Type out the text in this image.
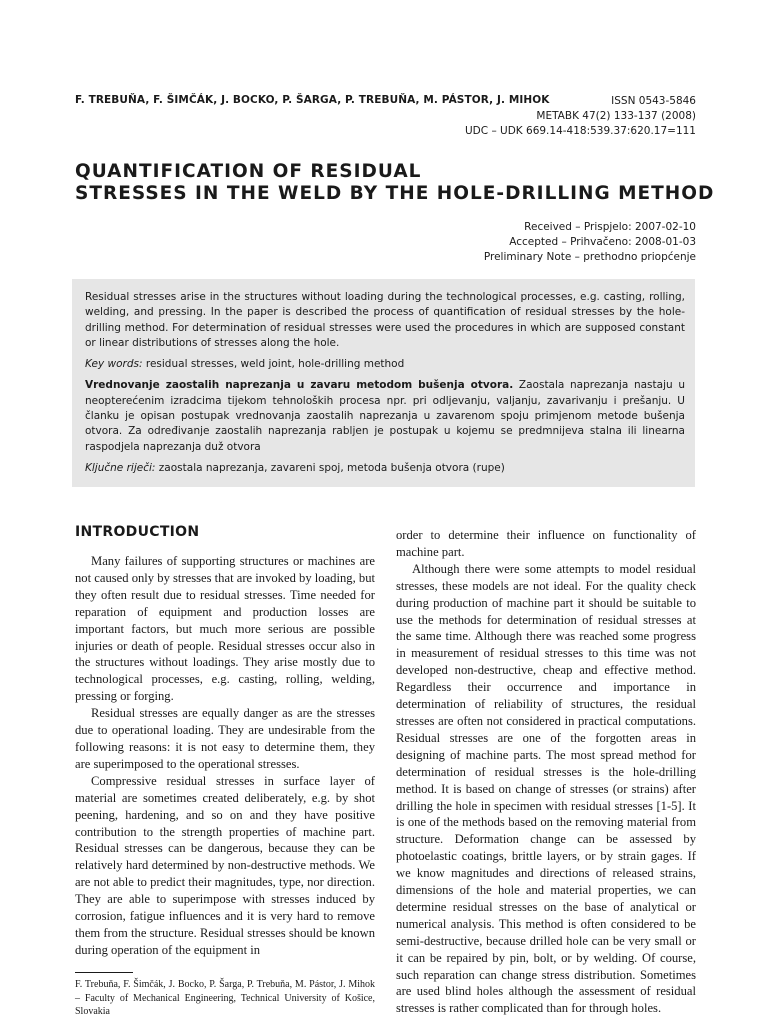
F. TREBUŇA, F. ŠIMČÁK, J. BOCKO, P. ŠARGA, P. TREBUŇA, M. PÁSTOR, J. MIHOK	ISSN 0543-5846
METABK 47(2) 133-137 (2008)
UDC – UDK 669.14-418:539.37:620.17=111
QUANTIFICATION OF RESIDUAL
STRESSES IN THE WELD BY THE HOLE-DRILLING METHOD
Received – Prispjelo: 2007-02-10
Accepted – Prihvačeno: 2008-01-03
Preliminary Note – prethodno priopćenje

Residual stresses arise in the structures without loading during the technological processes, e.g. casting, rolling, welding, and pressing. In the paper is described the process of quantification of residual stresses by the hole-drilling method. For determination of residual stresses were used the procedures in which are supposed constant or linear distributions of stresses along the hole.

Key words: residual stresses, weld joint, hole-drilling method

Vrednovanje zaostalih naprezanja u zavaru metodom bušenja otvora. Zaostala naprezanja nastaju u neopterećenim izradcima tijekom tehnoloških procesa npr. pri odljevanju, valjanju, zavarivanju i prešanju. U članku je opisan postupak vrednovanja zaostalih naprezanja u zavarenom spoju primjenom metode bušenja otvora. Za određivanje zaostalih naprezanja rabljen je postupak u kojemu se predmnijeva stalna ili linearna raspodjela naprezanja duž otvora

Ključne riječi: zaostala naprezanja, zavareni spoj, metoda bušenja otvora (rupe)

INTRODUCTION

Many failures of supporting structures or machines are not caused only by stresses that are invoked by loading, but they often result due to residual stresses. Time needed for reparation of equipment and production losses are important factors, but much more serious are possible injuries or death of people. Residual stresses occur also in the structures without loadings. They arise mostly due to technological processes, e.g. casting, rolling, welding, pressing or forging.

Residual stresses are equally danger as are the stresses due to operational loading. They are undesirable from the following reasons: it is not easy to determine them, they are superimposed to the operational stresses.

Compressive residual stresses in surface layer of material are sometimes created deliberately, e.g. by shot peening, hardening, and so on and they have positive contribution to the strength properties of machine part. Residual stresses can be dangerous, because they can be relatively hard determined by non-destructive methods. We are not able to predict their magnitudes, type, nor direction. They are able to superimpose with stresses induced by corrosion, fatigue influences and it is very hard to remove them from the structure. Residual stresses should be known during operation of the equipment in

order to determine their influence on functionality of machine part.

Although there were some attempts to model residual stresses, these models are not ideal. For the quality check during production of machine part it should be suitable to use the methods for determination of residual stresses at the same time. Although there was reached some progress in measurement of residual stresses to this time was not developed non-destructive, cheap and effective method. Regardless their occurrence and importance in determination of reliability of structures, the residual stresses are often not considered in practical computations. Residual stresses are one of the forgotten areas in designing of machine parts. The most spread method for determination of residual stresses is the hole-drilling method. It is based on change of stresses (or strains) after drilling the hole in specimen with residual stresses [1-5]. It is one of the methods based on the removing material from structure. Deformation change can be assessed by photoelastic coatings, brittle layers, or by strain gages. If we know magnitudes and directions of released strains, dimensions of the hole and material properties, we can determine residual stresses on the base of analytical or numerical analysis. This method is often considered to be semi-destructive, because drilled hole can be very small or it can be repaired by pin, bolt, or by welding. Of course, such reparation can change stress distribution. Sometimes are used blind holes although the assessment of residual stresses is rather complicated than for through holes.

F. Trebuňa, F. Šimčák, J. Bocko, P. Šarga, P. Trebuňa, M. Pástor, J. Mihok – Faculty of Mechanical Engineering, Technical University of Košice, Slovakia
